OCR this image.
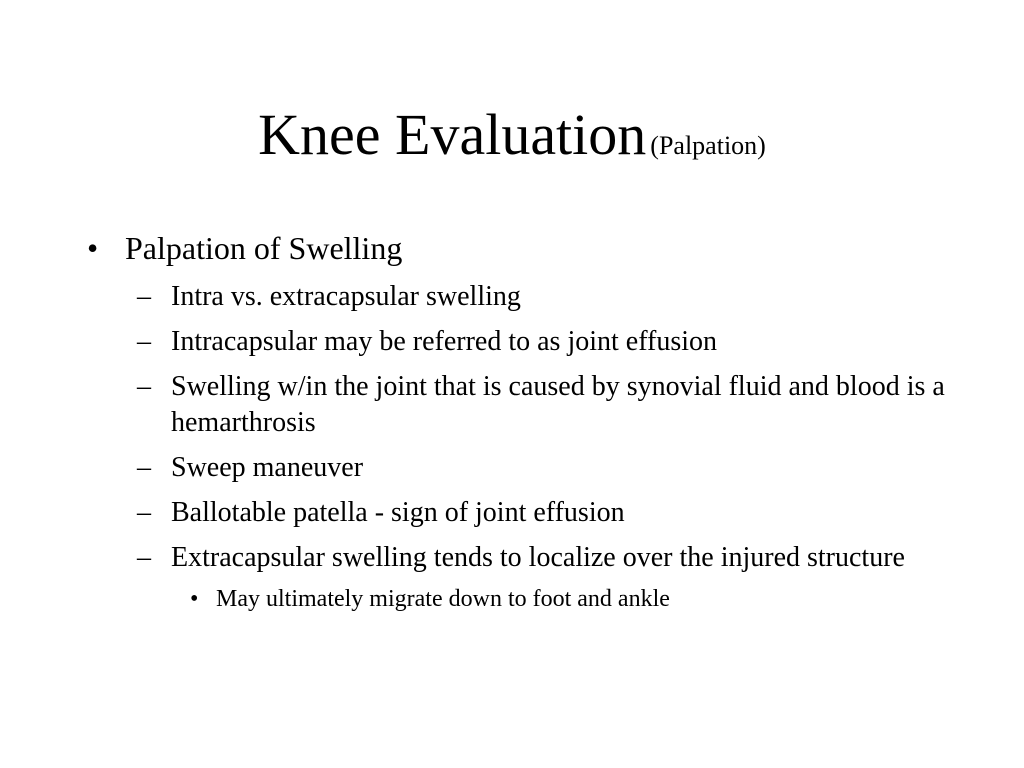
Knee Evaluation (Palpation)
• Palpation of Swelling
– Intra vs. extracapsular swelling
– Intracapsular may be referred to as joint effusion
– Swelling w/in the joint that is caused by synovial fluid and blood is a hemarthrosis
– Sweep maneuver
– Ballotable patella - sign of joint effusion
– Extracapsular swelling tends to localize over the injured structure
• May ultimately migrate down to foot and ankle
